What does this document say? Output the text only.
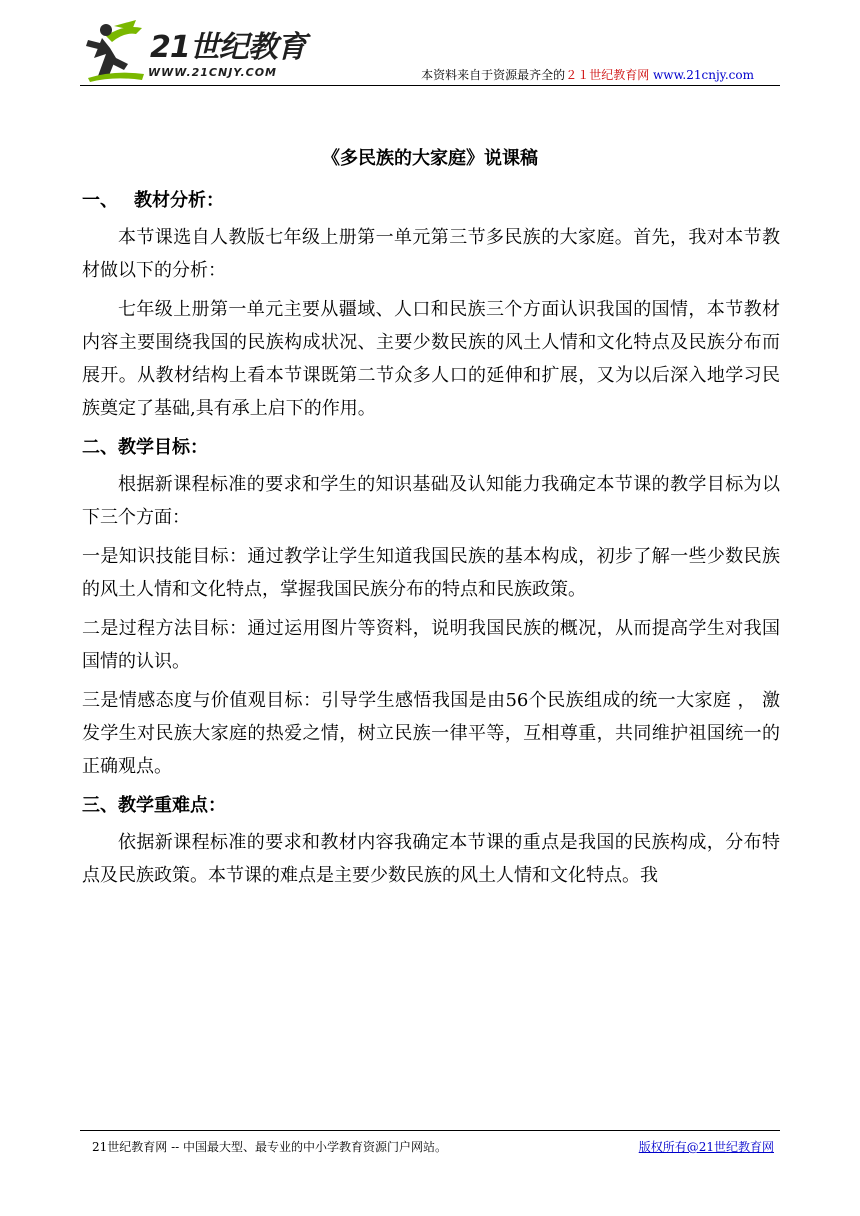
21世纪教育
WWW.21CNJY.COM	本资料来自于资源最齐全的２１世纪教育网 www.21cnjy.com
《多民族的大家庭》说课稿
一、 教材分析：

本节课选自人教版七年级上册第一单元第三节多民族的大家庭。首先，我对本节教材做以下的分析：

七年级上册第一单元主要从疆域、人口和民族三个方面认识我国的国情，本节教材内容主要围绕我国的民族构成状况、主要少数民族的风土人情和文化特点及民族分布而展开。从教材结构上看本节课既第二节众多人口的延伸和扩展，又为以后深入地学习民族奠定了基础,具有承上启下的作用。

二、教学目标：

根据新课程标准的要求和学生的知识基础及认知能力我确定本节课的教学目标为以下三个方面：

一是知识技能目标：通过教学让学生知道我国民族的基本构成，初步了解一些少数民族的风土人情和文化特点，掌握我国民族分布的特点和民族政策。

二是过程方法目标：通过运用图片等资料，说明我国民族的概况，从而提高学生对我国国情的认识。

三是情感态度与价值观目标：引导学生感悟我国是由56个民族组成的统一大家庭 ， 激发学生对民族大家庭的热爱之情，树立民族一律平等，互相尊重，共同维护祖国统一的正确观点。

三、教学重难点：

依据新课程标准的要求和教材内容我确定本节课的重点是我国的民族构成，分布特点及民族政策。本节课的难点是主要少数民族的风土人情和文化特点。我

21世纪教育网 -- 中国最大型、最专业的中小学教育资源门户网站。	版权所有@21世纪教育网
